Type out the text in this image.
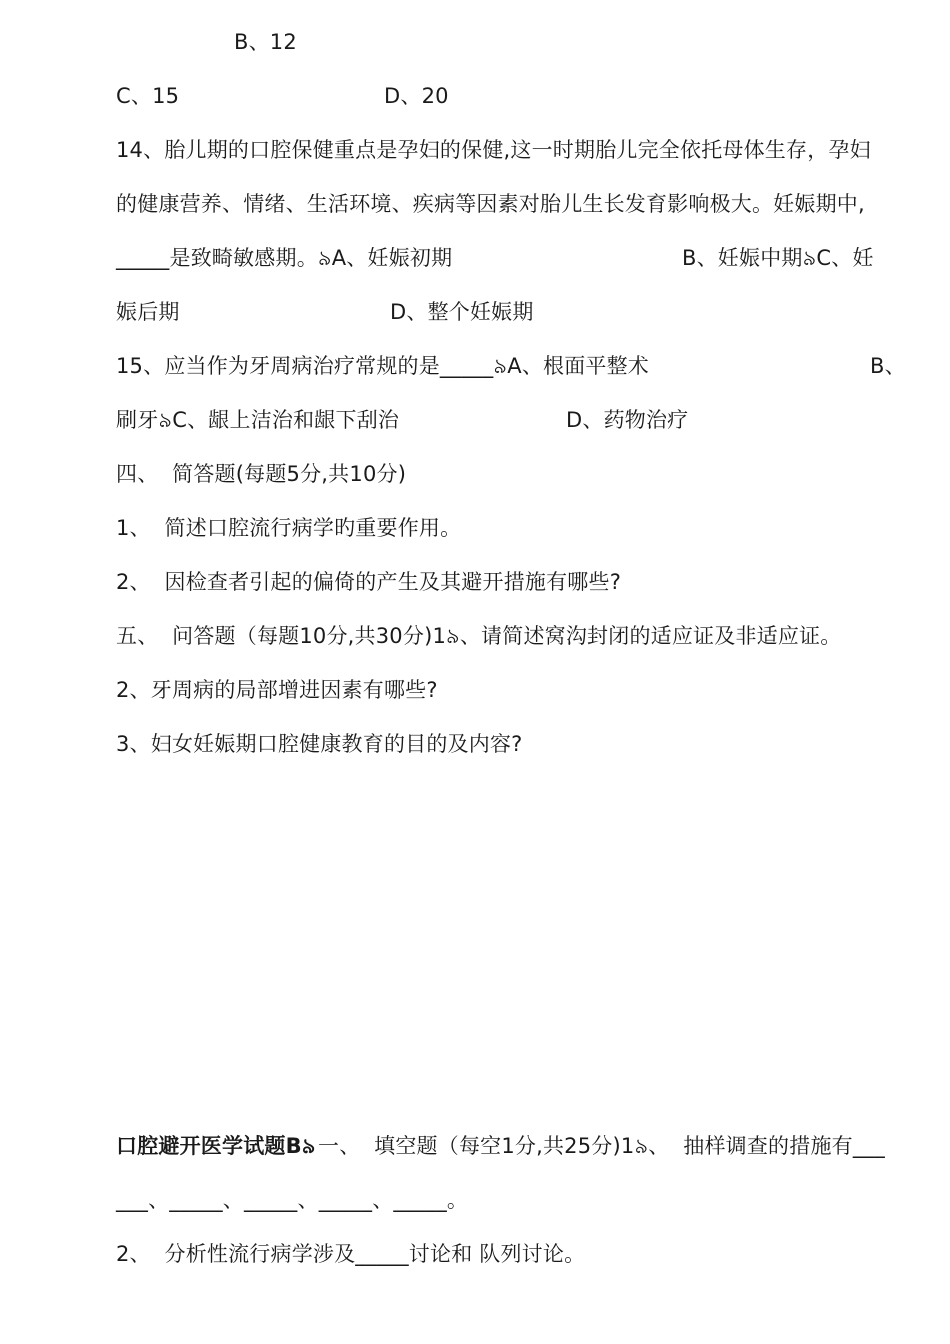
B、12
C、15	D、20
14、胎儿期的口腔保健重点是孕妇的保健,这一时期胎儿完全依托母体生存，孕妇
的健康营养、情绪、生活环境、疾病等因素对胎儿生长发育影响极大。妊娠期中,
_____是致畸敏感期。৯A、妊娠初期	B、妊娠中期৯C、妊
娠后期	D、整个妊娠期
15、应当作为牙周病治疗常规的是_____৯A、根面平整术	B、
刷牙৯C、龈上洁治和龈下刮治	D、药物治疗
四、  简答题(每题5分,共10分)
1、  简述口腔流行病学旳重要作用。
2、  因检查者引起的偏倚的产生及其避开措施有哪些?
五、  问答题（每题10分,共30分)1৯、请简述窝沟封闭的适应证及非适应证。
2、牙周病的局部增进因素有哪些?
3、妇女妊娠期口腔健康教育的目的及内容?
口腔避开医学试题B৯ 一、  填空题（每空1分,共25分)1৯、  抽样调查的措施有___
___、_____、_____、_____、_____。
2、  分析性流行病学涉及_____讨论和 队列讨论。
